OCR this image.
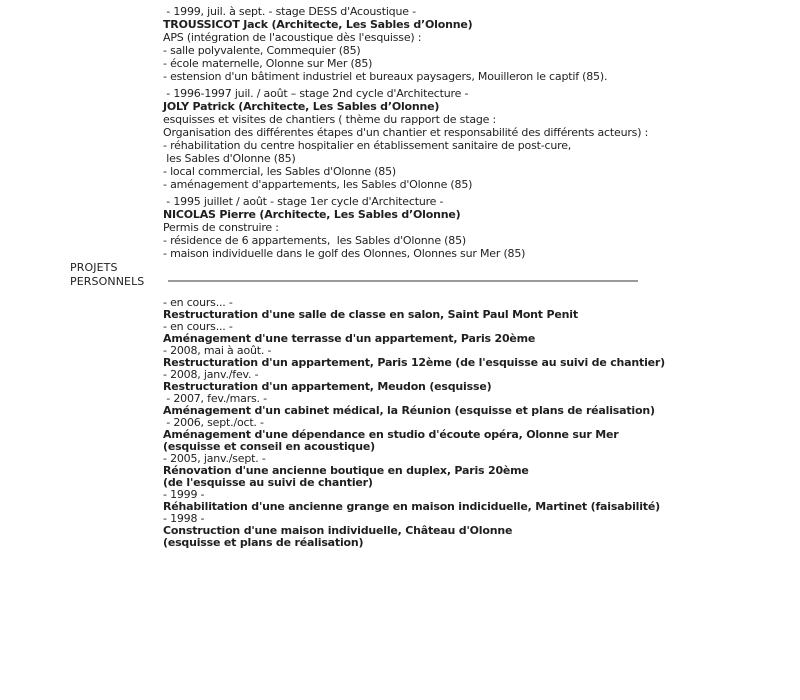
- 1999, juil. à sept. - stage DESS d'Acoustique -
TROUSSICOT Jack (Architecte, Les Sables d’Olonne)
APS (intégration de l'acoustique dès l'esquisse) :
- salle polyvalente, Commequier (85)
- école maternelle, Olonne sur Mer (85)
- estension d'un bâtiment industriel et bureaux paysagers, Mouilleron le captif (85).
- 1996-1997 juil. / août – stage 2nd cycle d'Architecture -
JOLY Patrick (Architecte, Les Sables d’Olonne)
esquisses et visites de chantiers ( thème du rapport de stage :
Organisation des différentes étapes d'un chantier et responsabilité des différents acteurs) :
- réhabilitation du centre hospitalier en établissement sanitaire de post-cure,
les Sables d'Olonne (85)
- local commercial, les Sables d'Olonne (85)
- aménagement d'appartements, les Sables d'Olonne (85)
- 1995 juillet / août - stage 1er cycle d'Architecture -
NICOLAS Pierre (Architecte, Les Sables d’Olonne)
Permis de construire :
- résidence de 6 appartements,  les Sables d'Olonne (85)
- maison individuelle dans le golf des Olonnes, Olonnes sur Mer (85)
PROJETS
PERSONNELS
- en cours... -
Restructuration d'une salle de classe en salon, Saint Paul Mont Penit
- en cours... -
Aménagement d'une terrasse d'un appartement, Paris 20ème
- 2008, mai à août. -
Restructuration d'un appartement, Paris 12ème (de l'esquisse au suivi de chantier)
- 2008, janv./fev. -
Restructuration d'un appartement, Meudon (esquisse)
- 2007, fev./mars. -
Aménagement d'un cabinet médical, la Réunion (esquisse et plans de réalisation)
- 2006, sept./oct. -
Aménagement d'une dépendance en studio d'écoute opéra, Olonne sur Mer
(esquisse et conseil en acoustique)
- 2005, janv./sept. -
Rénovation d'une ancienne boutique en duplex, Paris 20ème
(de l'esquisse au suivi de chantier)
- 1999 -
Réhabilitation d'une ancienne grange en maison indiciduelle, Martinet (faisabilité)
- 1998 -
Construction d'une maison individuelle, Château d'Olonne
(esquisse et plans de réalisation)
